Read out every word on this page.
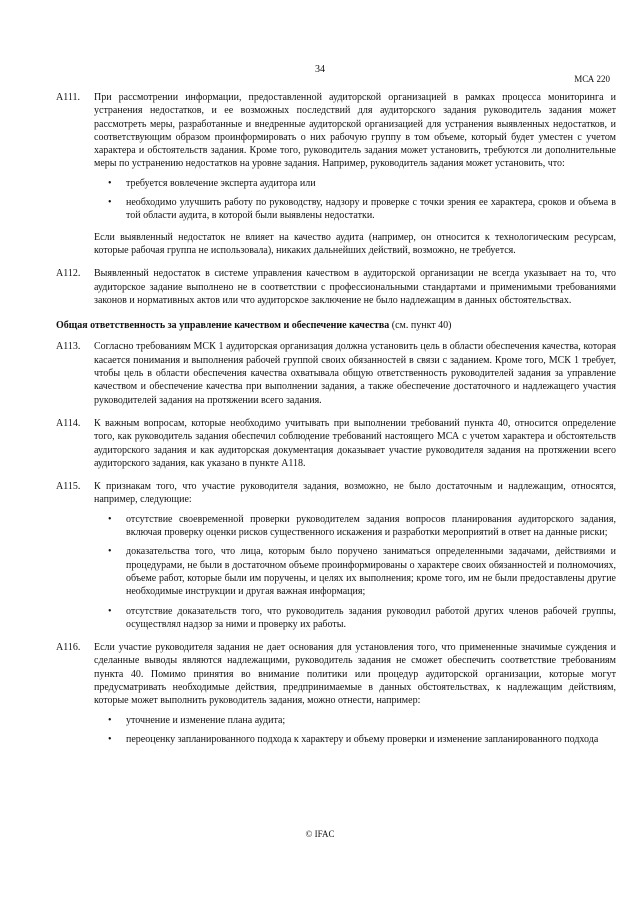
34
МСА 220
A111. При рассмотрении информации, предоставленной аудиторской организацией в рамках процесса мониторинга и устранения недостатков, и ее возможных последствий для аудиторского задания руководитель задания может рассмотреть меры, разработанные и внедренные аудиторской организацией для устранения выявленных недостатков, и соответствующим образом проинформировать о них рабочую группу в том объеме, который будет уместен с учетом характера и обстоятельств задания. Кроме того, руководитель задания может установить, требуются ли дополнительные меры по устранению недостатков на уровне задания. Например, руководитель задания может установить, что:
• требуется вовлечение эксперта аудитора или
• необходимо улучшить работу по руководству, надзору и проверке с точки зрения ее характера, сроков и объема в той области аудита, в которой были выявлены недостатки.
Если выявленный недостаток не влияет на качество аудита (например, он относится к технологическим ресурсам, которые рабочая группа не использовала), никаких дальнейших действий, возможно, не требуется.
A112. Выявленный недостаток в системе управления качеством в аудиторской организации не всегда указывает на то, что аудиторское задание выполнено не в соответствии с профессиональными стандартами и применимыми требованиями законов и нормативных актов или что аудиторское заключение не было надлежащим в данных обстоятельствах.
Общая ответственность за управление качеством и обеспечение качества (см. пункт 40)
A113. Согласно требованиям МСК 1 аудиторская организация должна установить цель в области обеспечения качества, которая касается понимания и выполнения рабочей группой своих обязанностей в связи с заданием. Кроме того, МСК 1 требует, чтобы цель в области обеспечения качества охватывала общую ответственность руководителей задания за управление качеством и обеспечение качества при выполнении задания, а также обеспечение достаточного и надлежащего участия руководителей задания на протяжении всего задания.
A114. К важным вопросам, которые необходимо учитывать при выполнении требований пункта 40, относится определение того, как руководитель задания обеспечил соблюдение требований настоящего МСА с учетом характера и обстоятельств аудиторского задания и как аудиторская документация доказывает участие руководителя задания на протяжении всего аудиторского задания, как указано в пункте A118.
A115. К признакам того, что участие руководителя задания, возможно, не было достаточным и надлежащим, относятся, например, следующие:
• отсутствие своевременной проверки руководителем задания вопросов планирования аудиторского задания, включая проверку оценки рисков существенного искажения и разработки мероприятий в ответ на данные риски;
• доказательства того, что лица, которым было поручено заниматься определенными задачами, действиями и процедурами, не были в достаточном объеме проинформированы о характере своих обязанностей и полномочиях, объеме работ, которые были им поручены, и целях их выполнения; кроме того, им не были предоставлены другие необходимые инструкции и другая важная информация;
• отсутствие доказательств того, что руководитель задания руководил работой других членов рабочей группы, осуществлял надзор за ними и проверку их работы.
A116. Если участие руководителя задания не дает основания для установления того, что примененные значимые суждения и сделанные выводы являются надлежащими, руководитель задания не сможет обеспечить соответствие требованиям пункта 40. Помимо принятия во внимание политики или процедур аудиторской организации, которые могут предусматривать необходимые действия, предпринимаемые в данных обстоятельствах, к надлежащим действиям, которые может выполнить руководитель задания, можно отнести, например:
• уточнение и изменение плана аудита;
• переоценку запланированного подхода к характеру и объему проверки и изменение запланированного подхода
© IFAC
